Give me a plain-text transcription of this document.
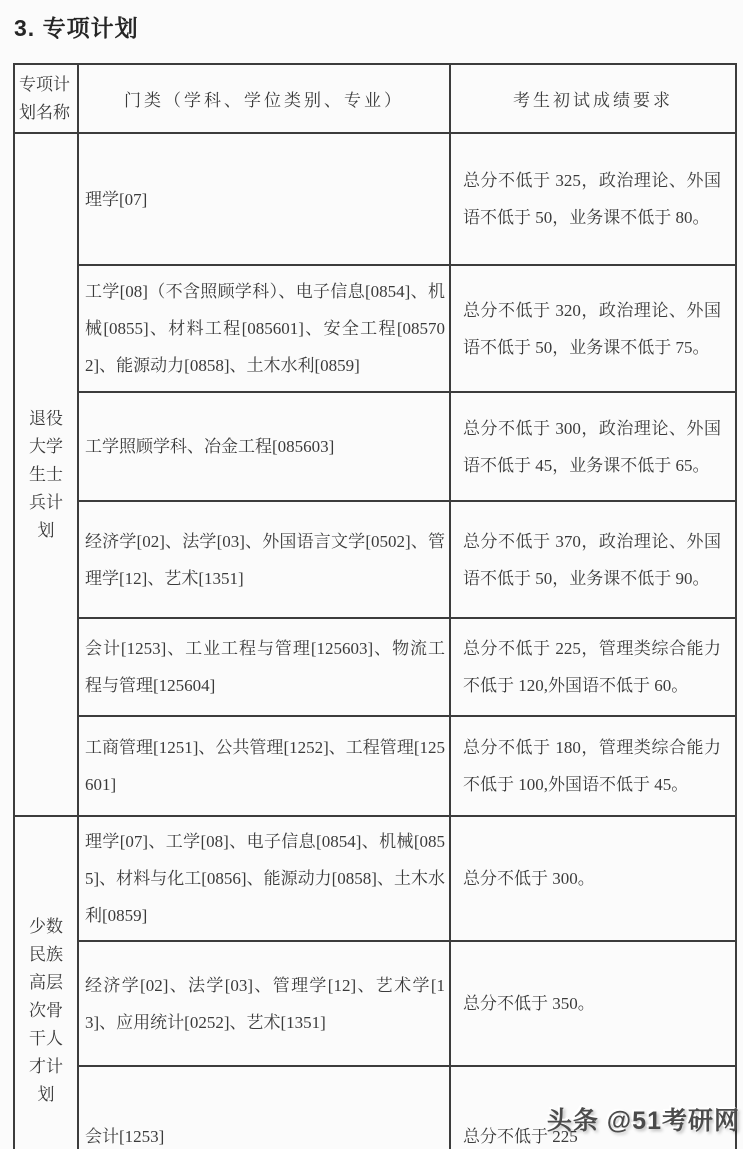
3. 专项计划
专项计划名称	门类（学科、学位类别、专业）	考生初试成绩要求
退役大学生士兵计划	理学[07]	总分不低于 325，政治理论、外国语不低于 50，业务课不低于 80。
	工学[08]（不含照顾学科）、电子信息[0854]、机械[0855]、材料工程[085601]、安全工程[085702]、能源动力[0858]、土木水利[0859]	总分不低于 320，政治理论、外国语不低于 50，业务课不低于 75。
	工学照顾学科、冶金工程[085603]	总分不低于 300，政治理论、外国语不低于 45，业务课不低于 65。
	经济学[02]、法学[03]、外国语言文学[0502]、管理学[12]、艺术[1351]	总分不低于 370，政治理论、外国语不低于 50，业务课不低于 90。
	会计[1253]、工业工程与管理[125603]、物流工程与管理[125604]	总分不低于 225，管理类综合能力不低于 120,外国语不低于 60。
	工商管理[1251]、公共管理[1252]、工程管理[125601]	总分不低于 180，管理类综合能力不低于 100,外国语不低于 45。
少数民族高层次骨干人才计划	理学[07]、工学[08]、电子信息[0854]、机械[0855]、材料与化工[0856]、能源动力[0858]、土木水利[0859]	总分不低于 300。
	经济学[02]、法学[03]、管理学[12]、艺术学[13]、应用统计[0252]、艺术[1351]	总分不低于 350。
	会计[1253]	总分不低于 225
头条 @51考研网
